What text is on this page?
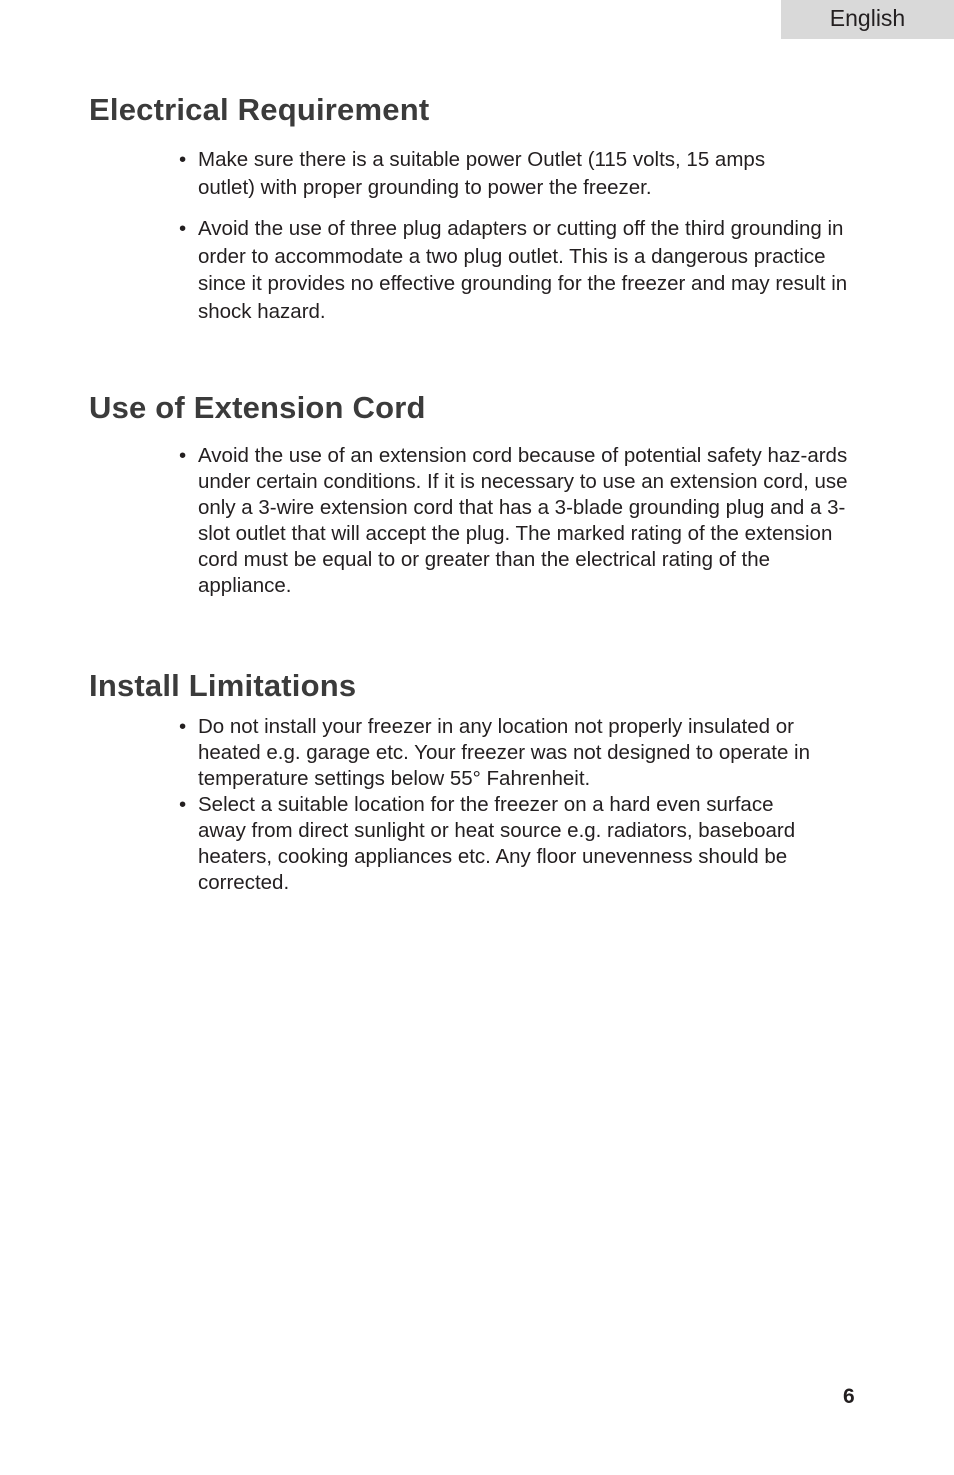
English
Electrical Requirement
• Make sure there is a suitable power Outlet (115 volts, 15 amps outlet) with proper grounding to power the freezer.
• Avoid the use of three plug adapters or cutting off the third grounding in order to accommodate a two plug outlet. This is a dangerous practice since it provides no effective grounding for the freezer and may result in shock hazard.
Use of Extension Cord
• Avoid the use of an extension cord because of potential safety haz-ards under certain conditions. If it is necessary to use an extension cord, use only a 3-wire extension cord that has a 3-blade grounding plug and a 3-slot outlet that will accept the plug. The marked rating of the extension cord must be equal to or greater than the electrical rating of the appliance.
Install Limitations
• Do not install your freezer in any location not properly insulated or heated e.g. garage etc. Your freezer was not designed to operate in temperature settings below 55° Fahrenheit.
• Select a suitable location for the freezer on a hard even surface away from direct sunlight or heat source e.g. radiators, baseboard heaters, cooking appliances etc. Any floor unevenness should be corrected.
6
